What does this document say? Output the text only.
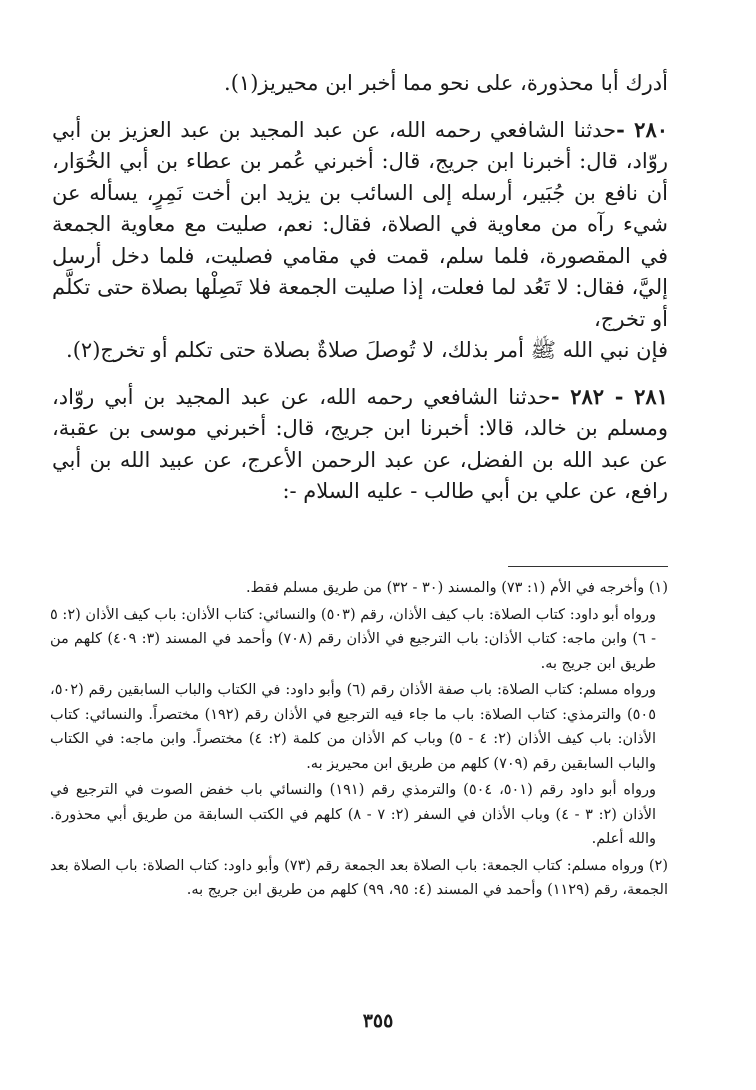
أدرك أبا محذورة، على نحو مما أخبر ابن محيريز(١).

٢٨٠ -حدثنا الشافعي رحمه الله، عن عبد المجيد بن عبد العزيز بن أبي روّاد، قال: أخبرنا ابن جريج، قال: أخبرني عُمر بن عطاء بن أبي الخُوَار، أن نافع بن جُبَير، أرسله إلى السائب بن يزيد ابن أخت نَمِرٍ، يسأله عن شيء رآه من معاوية في الصلاة، فقال: نعم، صليت مع معاوية الجمعة في المقصورة، فلما سلم، قمت في مقامي فصليت، فلما دخل أرسل إليَّ، فقال: لا تَعُد لما فعلت، إذا صليت الجمعة فلا تَصِلْها بصلاة حتى تكلَّم أو تخرج،
فإن نبي الله ﷺ أمر بذلك، لا تُوصلَ صلاةٌ بصلاة حتى تكلم أو تخرج(٢).

٢٨١ - ٢٨٢ -حدثنا الشافعي رحمه الله، عن عبد المجيد بن أبي روّاد، ومسلم بن خالد، قالا: أخبرنا ابن جريج، قال: أخبرني موسى بن عقبة، عن عبد الله بن الفضل، عن عبد الرحمن الأعرج، عن عبيد الله بن أبي رافع، عن علي بن أبي طالب - عليه السلام -:

(١) وأخرجه في الأم (١: ٧٣) والمسند (٣٠ - ٣٢) من طريق مسلم فقط.

ورواه أبو داود: كتاب الصلاة: باب كيف الأذان، رقم (٥٠٣) والنسائي: كتاب الأذان: باب كيف الأذان (٢: ٥ - ٦) وابن ماجه: كتاب الأذان: باب الترجيع في الأذان رقم (٧٠٨) وأحمد في المسند (٣: ٤٠٩) كلهم من طريق ابن جريج به.

ورواه مسلم: كتاب الصلاة: باب صفة الأذان رقم (٦) وأبو داود: في الكتاب والباب السابقين رقم (٥٠٢، ٥٠٥) والترمذي: كتاب الصلاة: باب ما جاء فيه الترجيع في الأذان رقم (١٩٢) مختصراً. والنسائي: كتاب الأذان: باب كيف الأذان (٢: ٤ - ٥) وباب كم الأذان من كلمة (٢: ٤) مختصراً. وابن ماجه: في الكتاب والباب السابقين رقم (٧٠٩) كلهم من طريق ابن محيريز به.

ورواه أبو داود رقم (٥٠١، ٥٠٤) والترمذي رقم (١٩١) والنسائي باب خفض الصوت في الترجيع في الأذان (٢: ٣ - ٤) وباب الأذان في السفر (٢: ٧ - ٨) كلهم في الكتب السابقة من طريق أبي محذورة. والله أعلم.

(٢) ورواه مسلم: كتاب الجمعة: باب الصلاة بعد الجمعة رقم (٧٣) وأبو داود: كتاب الصلاة: باب الصلاة بعد الجمعة، رقم (١١٢٩) وأحمد في المسند (٤: ٩٥، ٩٩) كلهم من طريق ابن جريج به.

٣٥٥
